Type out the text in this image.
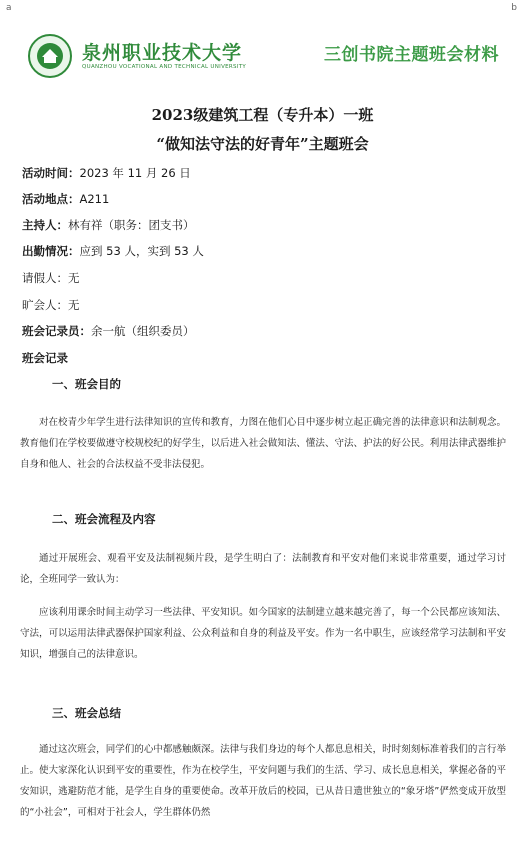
a	b
泉州职业技术大学
QUANZHOU VOCATIONAL AND TECHNICAL UNIVERSITY
三创书院主题班会材料
2023级建筑工程（专升本）一班
“做知法守法的好青年”主题班会
活动时间：2023 年 11 月 26 日
活动地点：A211
主持人：林有祥（职务：团支书）
出勤情况：应到 53 人，实到 53 人
请假人：无
旷会人：无
班会记录员：余一航（组织委员）
班会记录
一、班会目的
对在校青少年学生进行法律知识的宣传和教育，力图在他们心目中逐步树立起正确完善的法律意识和法制观念。教育他们在学校要做遵守校规校纪的好学生，以后进入社会做知法、懂法、守法、护法的好公民。利用法律武器维护自身和他人、社会的合法权益不受非法侵犯。
二、班会流程及内容
通过开展班会、观看平安及法制视频片段，是学生明白了：法制教育和平安对他们来说非常重要，通过学习讨论，全班同学一致认为：
应该利用课余时间主动学习一些法律、平安知识。如今国家的法制建立越来越完善了，每一个公民都应该知法、守法，可以运用法律武器保护国家利益、公众利益和自身的利益及平安。作为一名中职生，应该经常学习法制和平安知识，增强自己的法律意识。
三、班会总结
通过这次班会，同学们的心中都感触颇深。法律与我们身边的每个人都息息相关，时时刻刻标准着我们的言行举止。使大家深化认识到平安的重要性，作为在校学生，平安问题与我们的生活、学习、成长息息相关，掌握必备的平安知识，逃避防范才能，是学生自身的重要使命。改革开放后的校园，已从昔日遗世独立的“象牙塔”俨然变成开放型的“小社会”，可相对于社会人，学生群体仍然
